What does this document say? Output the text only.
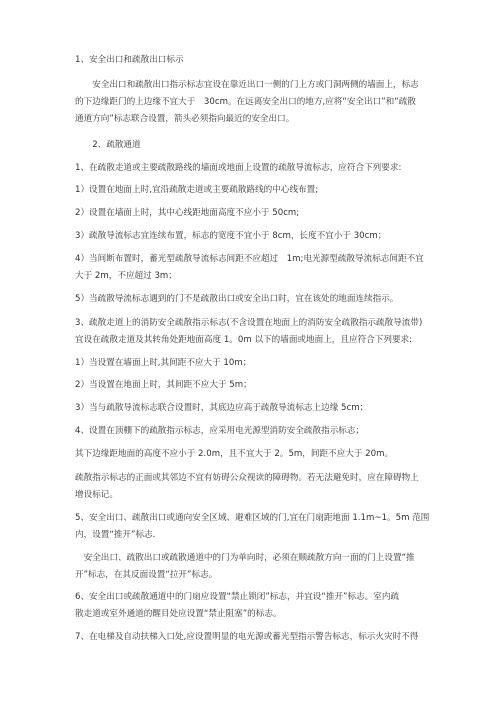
1、安全出口和疏散出口标示
　　安全出口和疏散出口指示标志宜设在靠近出口一侧的门上方或门洞两侧的墙面上，标志
的下边缘距门的上边缘不宜大于　30cm。在远离安全出口的地方,应将“安全出口”和“疏散
通道方向”标志联合设置，箭头必须指向最近的安全出口。
　　2、疏散通道
1、在疏散走道或主要疏散路线的墙面或地面上设置的疏散导流标志，应符合下列要求:
1）设置在地面上时,宜沿疏散走道或主要疏散路线的中心线布置;
2）设置在墙面上时，其中心线距地面高度不应小于 50cm;
3）疏散导流标志宜连续布置，标志的宽度不宜小于 8cm，长度不宜小于 30cm；
4）当间断布置时，蓄光型疏散导流标志间距不应超过　1m;电光源型疏散导流标志间距不宜
大于 2m，不应超过 3m；
5）当疏散导流标志遇到的门不是疏散出口或安全出口时，宜在该处的地面连续指示。
3、疏散走道上的消防安全疏散指示标志(不含设置在地面上的消防安全疏散指示疏散导流带)
宜设在疏散走道及其转角处距地面高度 1。0m 以下的墙面或地面上，且应符合下列要求:
1）当设置在墙面上时,其间距不应大于 10m；
2）当设置在地面上时，其间距不应大于 5m；
3）当与疏散导流标志联合设置时，其底边应高于疏散导流标志上边缘 5cm；
4、设置在顶棚下的疏散指示标志，应采用电光源型消防安全疏散指示标志；
其下边缘距地面的高度不应小于 2.0m，且不宜大于 2。5m，间距不应大于 20m。
疏散指示标志的正面或其邻边不宜有妨碍公众视读的障碍物。若无法避免时，应在障碍物上
增设标记。
5、安全出口、疏散出口或通向安全区域、避难区域的门,宜在门扇距地面 1.1m~1。5m 范围
内，设置“推开”标志.
　安全出口、疏散出口或疏散通道中的门为单向时，必须在顺疏散方向一面的门上设置“推
开”标志，在其反面设置“拉开”标志。
6、安全出口或疏散通道中的门扇应设置“禁止锁闭”标志，并宜设“推开”标志。室内疏
散走道或室外通道的醒目处应设置“禁止阻塞”的标志。
7、在电梯及自动扶梯入口处,应设置明显的电光源或蓄光型指示警告标志，标示火灾时不得
